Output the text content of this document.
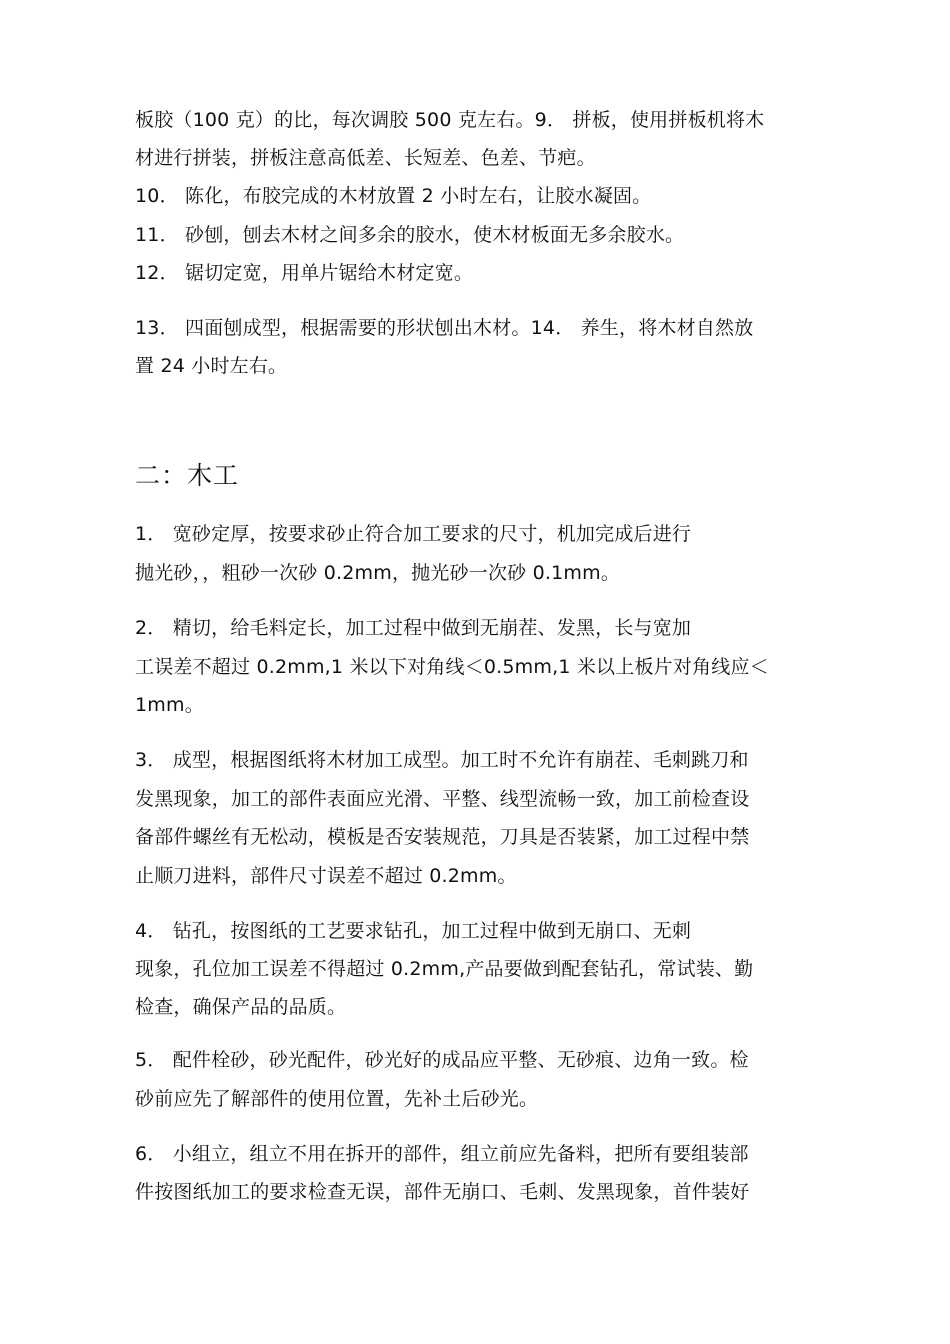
板胶（100 克）的比，每次调胶 500 克左右。9． 拼板，使用拼板机将木
材进行拼装，拼板注意高低差、长短差、色差、节疤。
10． 陈化，布胶完成的木材放置 2 小时左右，让胶水凝固。
11． 砂刨，刨去木材之间多余的胶水，使木材板面无多余胶水。
12． 锯切定宽，用单片锯给木材定宽。
13． 四面刨成型，根据需要的形状刨出木材。14． 养生，将木材自然放
置 24 小时左右。
二：木工
1． 宽砂定厚，按要求砂止符合加工要求的尺寸，机加完成后进行
抛光砂，，粗砂一次砂 0.2mm，抛光砂一次砂 0.1mm。
2． 精切，给毛料定长，加工过程中做到无崩茬、发黑，长与宽加
工误差不超过 0.2mm,1 米以下对角线＜0.5mm,1 米以上板片对角线应＜
1mm。
3． 成型，根据图纸将木材加工成型。加工时不允许有崩茬、毛刺跳刀和
发黑现象，加工的部件表面应光滑、平整、线型流畅一致，加工前检查设
备部件螺丝有无松动，模板是否安装规范，刀具是否装紧，加工过程中禁
止顺刀进料，部件尺寸误差不超过 0.2mm。
4． 钻孔，按图纸的工艺要求钻孔，加工过程中做到无崩口、无刺
现象，孔位加工误差不得超过 0.2mm,产品要做到配套钻孔，常试装、勤
检查，确保产品的品质。
5． 配件栓砂，砂光配件，砂光好的成品应平整、无砂痕、边角一致。检
砂前应先了解部件的使用位置，先补土后砂光。
6． 小组立，组立不用在拆开的部件，组立前应先备料，把所有要组装部
件按图纸加工的要求检查无误，部件无崩口、毛刺、发黑现象，首件装好
